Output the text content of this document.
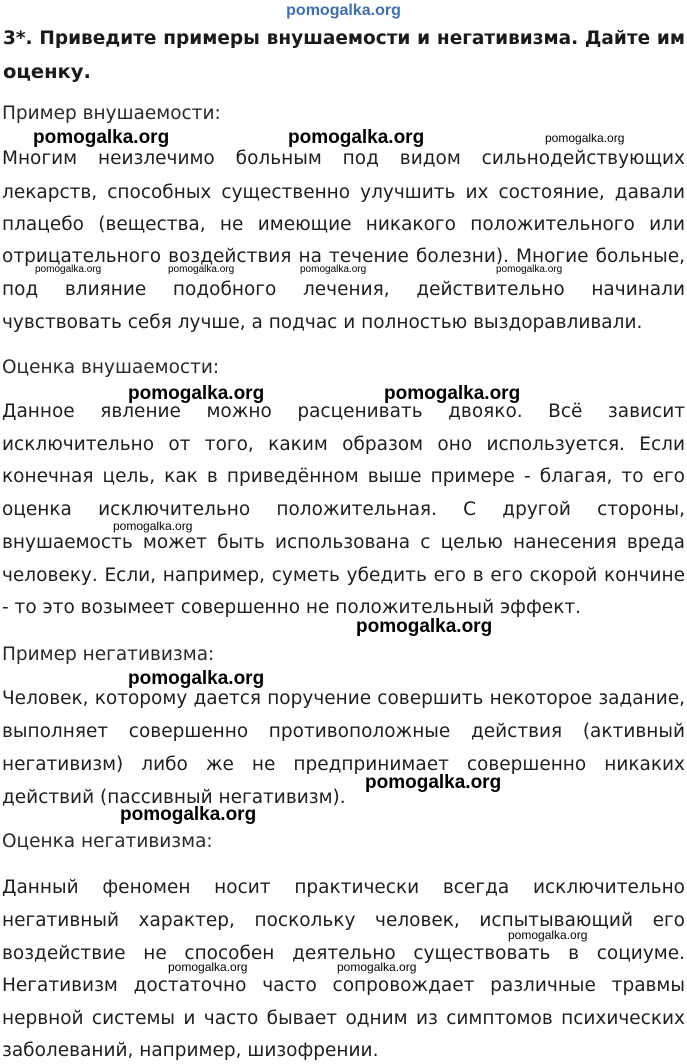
pomogalka.org
3*. Приведите примеры внушаемости и негативизма. Дайте им
оценку.
Пример внушаемости:
Многим неизлечимо больным под видом сильнодействующих
лекарств, способных существенно улучшить их состояние, давали
плацебо (вещества, не имеющие никакого положительного или
отрицательного воздействия на течение болезни). Многие больные,
под влияние подобного лечения, действительно начинали
чувствовать себя лучше, а подчас и полностью выздоравливали.
Оценка внушаемости:
Данное явление можно расценивать двояко. Всё зависит
исключительно от того, каким образом оно используется. Если
конечная цель, как в приведённом выше примере - благая, то его
оценка исключительно положительная. С другой стороны,
внушаемость может быть использована с целью нанесения вреда
человеку. Если, например, суметь убедить его в его скорой кончине
- то это возымеет совершенно не положительный эффект.
Пример негативизма:
Человек, которому дается поручение совершить некоторое задание,
выполняет совершенно противоположные действия (активный
негативизм) либо же не предпринимает совершенно никаких
действий (пассивный негативизм).
Оценка негативизма:
Данный феномен носит практически всегда исключительно
негативный характер, поскольку человек, испытывающий его
воздействие не способен деятельно существовать в социуме.
Негативизм достаточно часто сопровождает различные травмы
нервной системы и часто бывает одним из симптомов психических
заболеваний, например, шизофрении.
pomogalka.org	pomogalka.org	pomogalka.org
pomogalka.org	pomogalka.org	pomogalka.org	pomogalka.org
pomogalka.org	pomogalka.org
pomogalka.org
pomogalka.org
pomogalka.org
pomogalka.org
pomogalka.org
pomogalka.org
pomogalka.org	pomogalka.org
